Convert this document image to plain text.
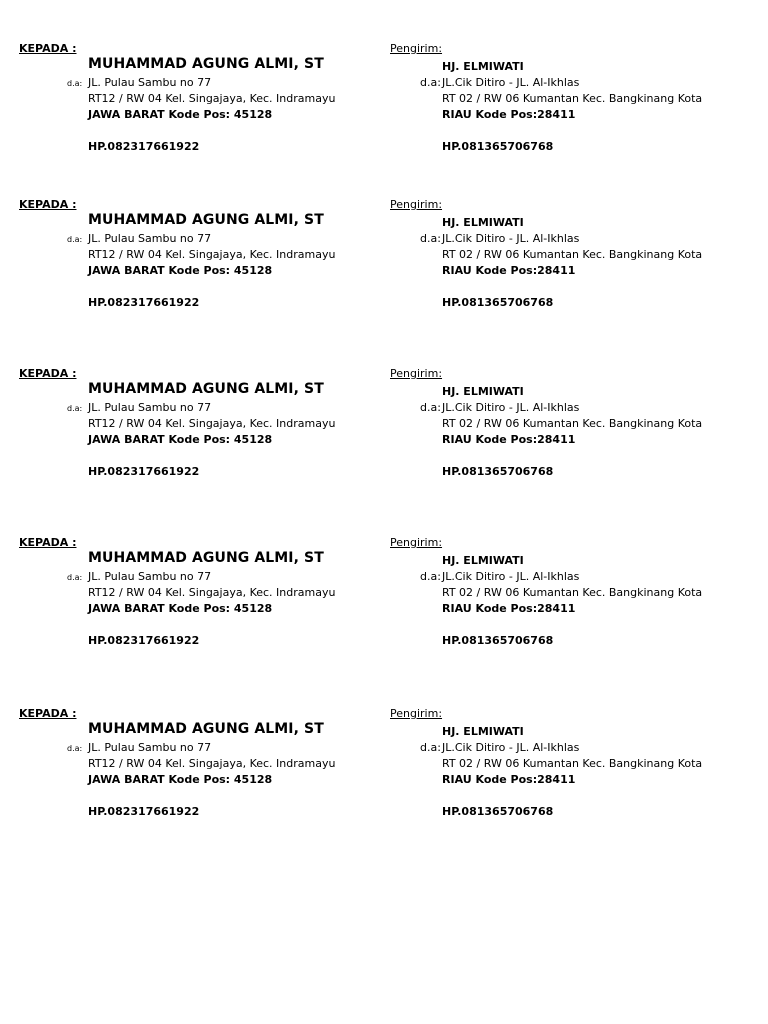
KEPADA :
MUHAMMAD AGUNG ALMI, ST
d.a: JL. Pulau Sambu no 77
RT12 / RW 04 Kel. Singajaya, Kec. Indramayu
JAWA BARAT Kode Pos: 45128
HP.082317661922
Pengirim:
HJ. ELMIWATI
d.a: JL.Cik Ditiro - JL. Al-Ikhlas
RT 02 / RW 06 Kumantan Kec. Bangkinang Kota
RIAU Kode Pos:28411
HP.081365706768
KEPADA :
MUHAMMAD AGUNG ALMI, ST
d.a: JL. Pulau Sambu no 77
RT12 / RW 04 Kel. Singajaya, Kec. Indramayu
JAWA BARAT Kode Pos: 45128
HP.082317661922
Pengirim:
HJ. ELMIWATI
d.a: JL.Cik Ditiro - JL. Al-Ikhlas
RT 02 / RW 06 Kumantan Kec. Bangkinang Kota
RIAU Kode Pos:28411
HP.081365706768
KEPADA :
MUHAMMAD AGUNG ALMI, ST
d.a: JL. Pulau Sambu no 77
RT12 / RW 04 Kel. Singajaya, Kec. Indramayu
JAWA BARAT Kode Pos: 45128
HP.082317661922
Pengirim:
HJ. ELMIWATI
d.a: JL.Cik Ditiro - JL. Al-Ikhlas
RT 02 / RW 06 Kumantan Kec. Bangkinang Kota
RIAU Kode Pos:28411
HP.081365706768
KEPADA :
MUHAMMAD AGUNG ALMI, ST
d.a: JL. Pulau Sambu no 77
RT12 / RW 04 Kel. Singajaya, Kec. Indramayu
JAWA BARAT Kode Pos: 45128
HP.082317661922
Pengirim:
HJ. ELMIWATI
d.a: JL.Cik Ditiro - JL. Al-Ikhlas
RT 02 / RW 06 Kumantan Kec. Bangkinang Kota
RIAU Kode Pos:28411
HP.081365706768
KEPADA :
MUHAMMAD AGUNG ALMI, ST
d.a: JL. Pulau Sambu no 77
RT12 / RW 04 Kel. Singajaya, Kec. Indramayu
JAWA BARAT Kode Pos: 45128
HP.082317661922
Pengirim:
HJ. ELMIWATI
d.a: JL.Cik Ditiro - JL. Al-Ikhlas
RT 02 / RW 06 Kumantan Kec. Bangkinang Kota
RIAU Kode Pos:28411
HP.081365706768
